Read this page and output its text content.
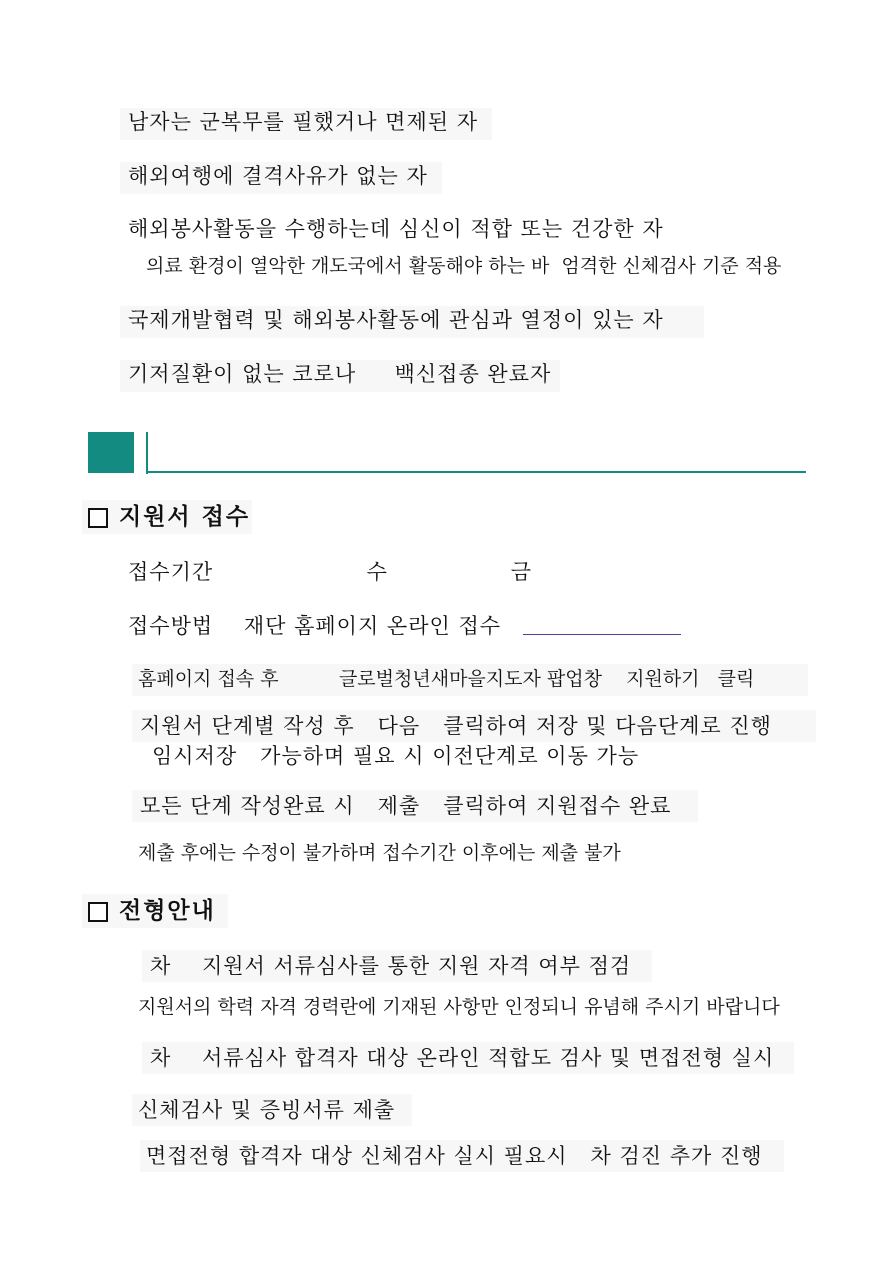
남자는 군복무를 필했거나 면제된 자
해외여행에 결격사유가 없는 자
해외봉사활동을 수행하는데 심신이 적합 또는 건강한 자
의료 환경이 열악한 개도국에서 활동해야 하는 바  엄격한 신체검사 기준 적용
국제개발협력 및 해외봉사활동에 관심과 열정이 있는 자
기저질환이 없는 코로나     백신접종 완료자
지원서 접수
접수기간                    수                금
접수방법    재단 홈페이지 온라인 접수
홈페이지 접속 후          글로벌청년새마을지도자 팝업창    지원하기   클릭
지원서 단계별 작성 후   다음   클릭하여 저장 및 다음단계로 진행
임시저장   가능하며 필요 시 이전단계로 이동 가능
모든 단계 작성완료 시   제출   클릭하여 지원접수 완료
제출 후에는 수정이 불가하며 접수기간 이후에는 제출 불가
전형안내
차    지원서 서류심사를 통한 지원 자격 여부 점검
지원서의 학력 자격 경력란에 기재된 사항만 인정되니 유념해 주시기 바랍니다
차    서류심사 합격자 대상 온라인 적합도 검사 및 면접전형 실시
신체검사 및 증빙서류 제출
면접전형 합격자 대상 신체검사 실시 필요시   차 검진 추가 진행
